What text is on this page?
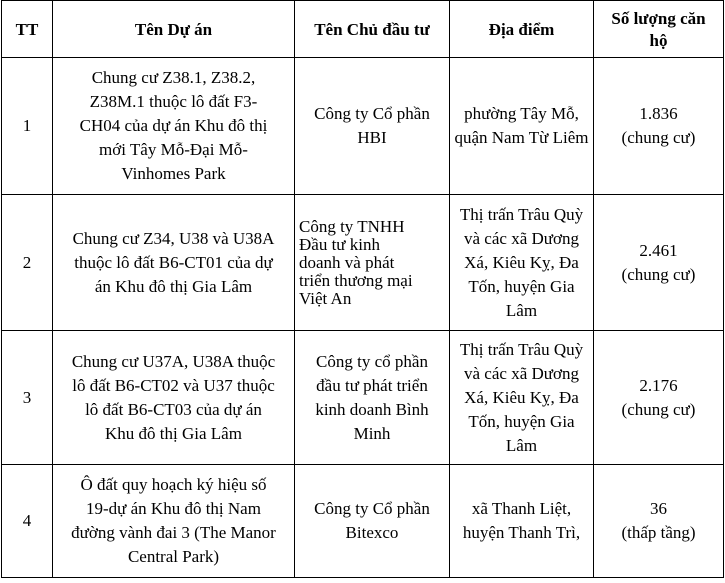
TT	Tên Dự án	Tên Chủ đầu tư	Địa điểm	Số lượng căn hộ
1	Chung cư Z38.1, Z38.2,
Z38M.1 thuộc lô đất F3-
CH04 của dự án Khu đô thị
mới Tây Mỗ-Đại Mỗ-
Vinhomes Park	Công ty Cổ phần
HBI	phường Tây Mỗ,
quận Nam Từ Liêm	1.836
(chung cư)

2	Chung cư Z34, U38 và U38A
thuộc lô đất B6-CT01 của dự
án Khu đô thị Gia Lâm	Công ty TNHH
Đầu tư kinh
doanh và phát
triển thương mại
Việt An	Thị trấn Trâu Quỳ
và các xã Dương
Xá, Kiêu Kỵ, Đa
Tốn, huyện Gia
Lâm	2.461
(chung cư)

3	Chung cư U37A, U38A thuộc
lô đất B6-CT02 và U37 thuộc
lô đất B6-CT03 của dự án
Khu đô thị Gia Lâm	Công ty cổ phần
đầu tư phát triển
kinh doanh Bình
Minh	Thị trấn Trâu Quỳ
và các xã Dương
Xá, Kiêu Kỵ, Đa
Tốn, huyện Gia
Lâm	2.176
(chung cư)

4	Ô đất quy hoạch ký hiệu số
19-dự án Khu đô thị Nam
đường vành đai 3 (The Manor
Central Park)	Công ty Cổ phần
Bitexco	xã Thanh Liệt,
huyện Thanh Trì,	36
(thấp tầng)
